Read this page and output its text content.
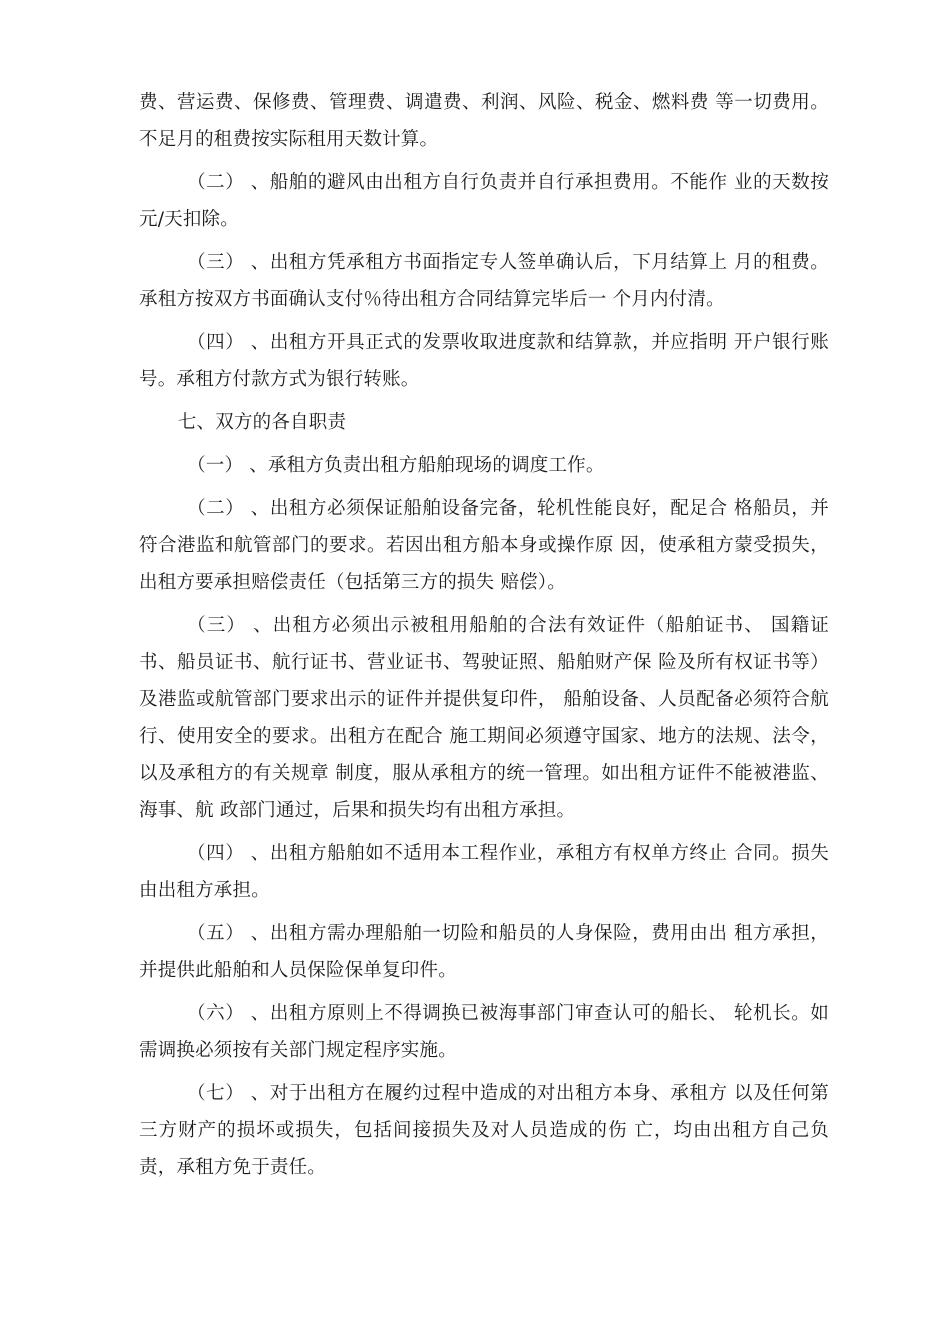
费、营运费、保修费、管理费、调遣费、利润、风险、税金、燃料费 等一切费用。不足月的租费按实际租用天数计算。

（二） 、船舶的避风由出租方自行负责并自行承担费用。不能作 业的天数按元/天扣除。

（三） 、出租方凭承租方书面指定专人签单确认后，下月结算上 月的租费。承租方按双方书面确认支付％待出租方合同结算完毕后一 个月内付清。

（四） 、出租方开具正式的发票收取进度款和结算款，并应指明 开户银行账号。承租方付款方式为银行转账。

七、双方的各自职责

（一） 、承租方负责出租方船舶现场的调度工作。

（二） 、出租方必须保证船舶设备完备，轮机性能良好，配足合 格船员，并符合港监和航管部门的要求。若因出租方船本身或操作原 因，使承租方蒙受损失，出租方要承担赔偿责任（包括第三方的损失 赔偿）。

（三） 、出租方必须出示被租用船舶的合法有效证件（船舶证书、 国籍证书、船员证书、航行证书、营业证书、驾驶证照、船舶财产保 险及所有权证书等）及港监或航管部门要求出示的证件并提供复印件， 船舶设备、人员配备必须符合航行、使用安全的要求。出租方在配合 施工期间必须遵守国家、地方的法规、法令，以及承租方的有关规章 制度，服从承租方的统一管理。如出租方证件不能被港监、海事、航 政部门通过，后果和损失均有出租方承担。

（四） 、出租方船舶如不适用本工程作业，承租方有权单方终止 合同。损失由出租方承担。

（五） 、出租方需办理船舶一切险和船员的人身保险，费用由出 租方承担，并提供此船舶和人员保险保单复印件。

（六） 、出租方原则上不得调换已被海事部门审查认可的船长、 轮机长。如需调换必须按有关部门规定程序实施。

（七） 、对于出租方在履约过程中造成的对出租方本身、承租方 以及任何第三方财产的损坏或损失，包括间接损失及对人员造成的伤 亡，均由出租方自己负责，承租方免于责任。
